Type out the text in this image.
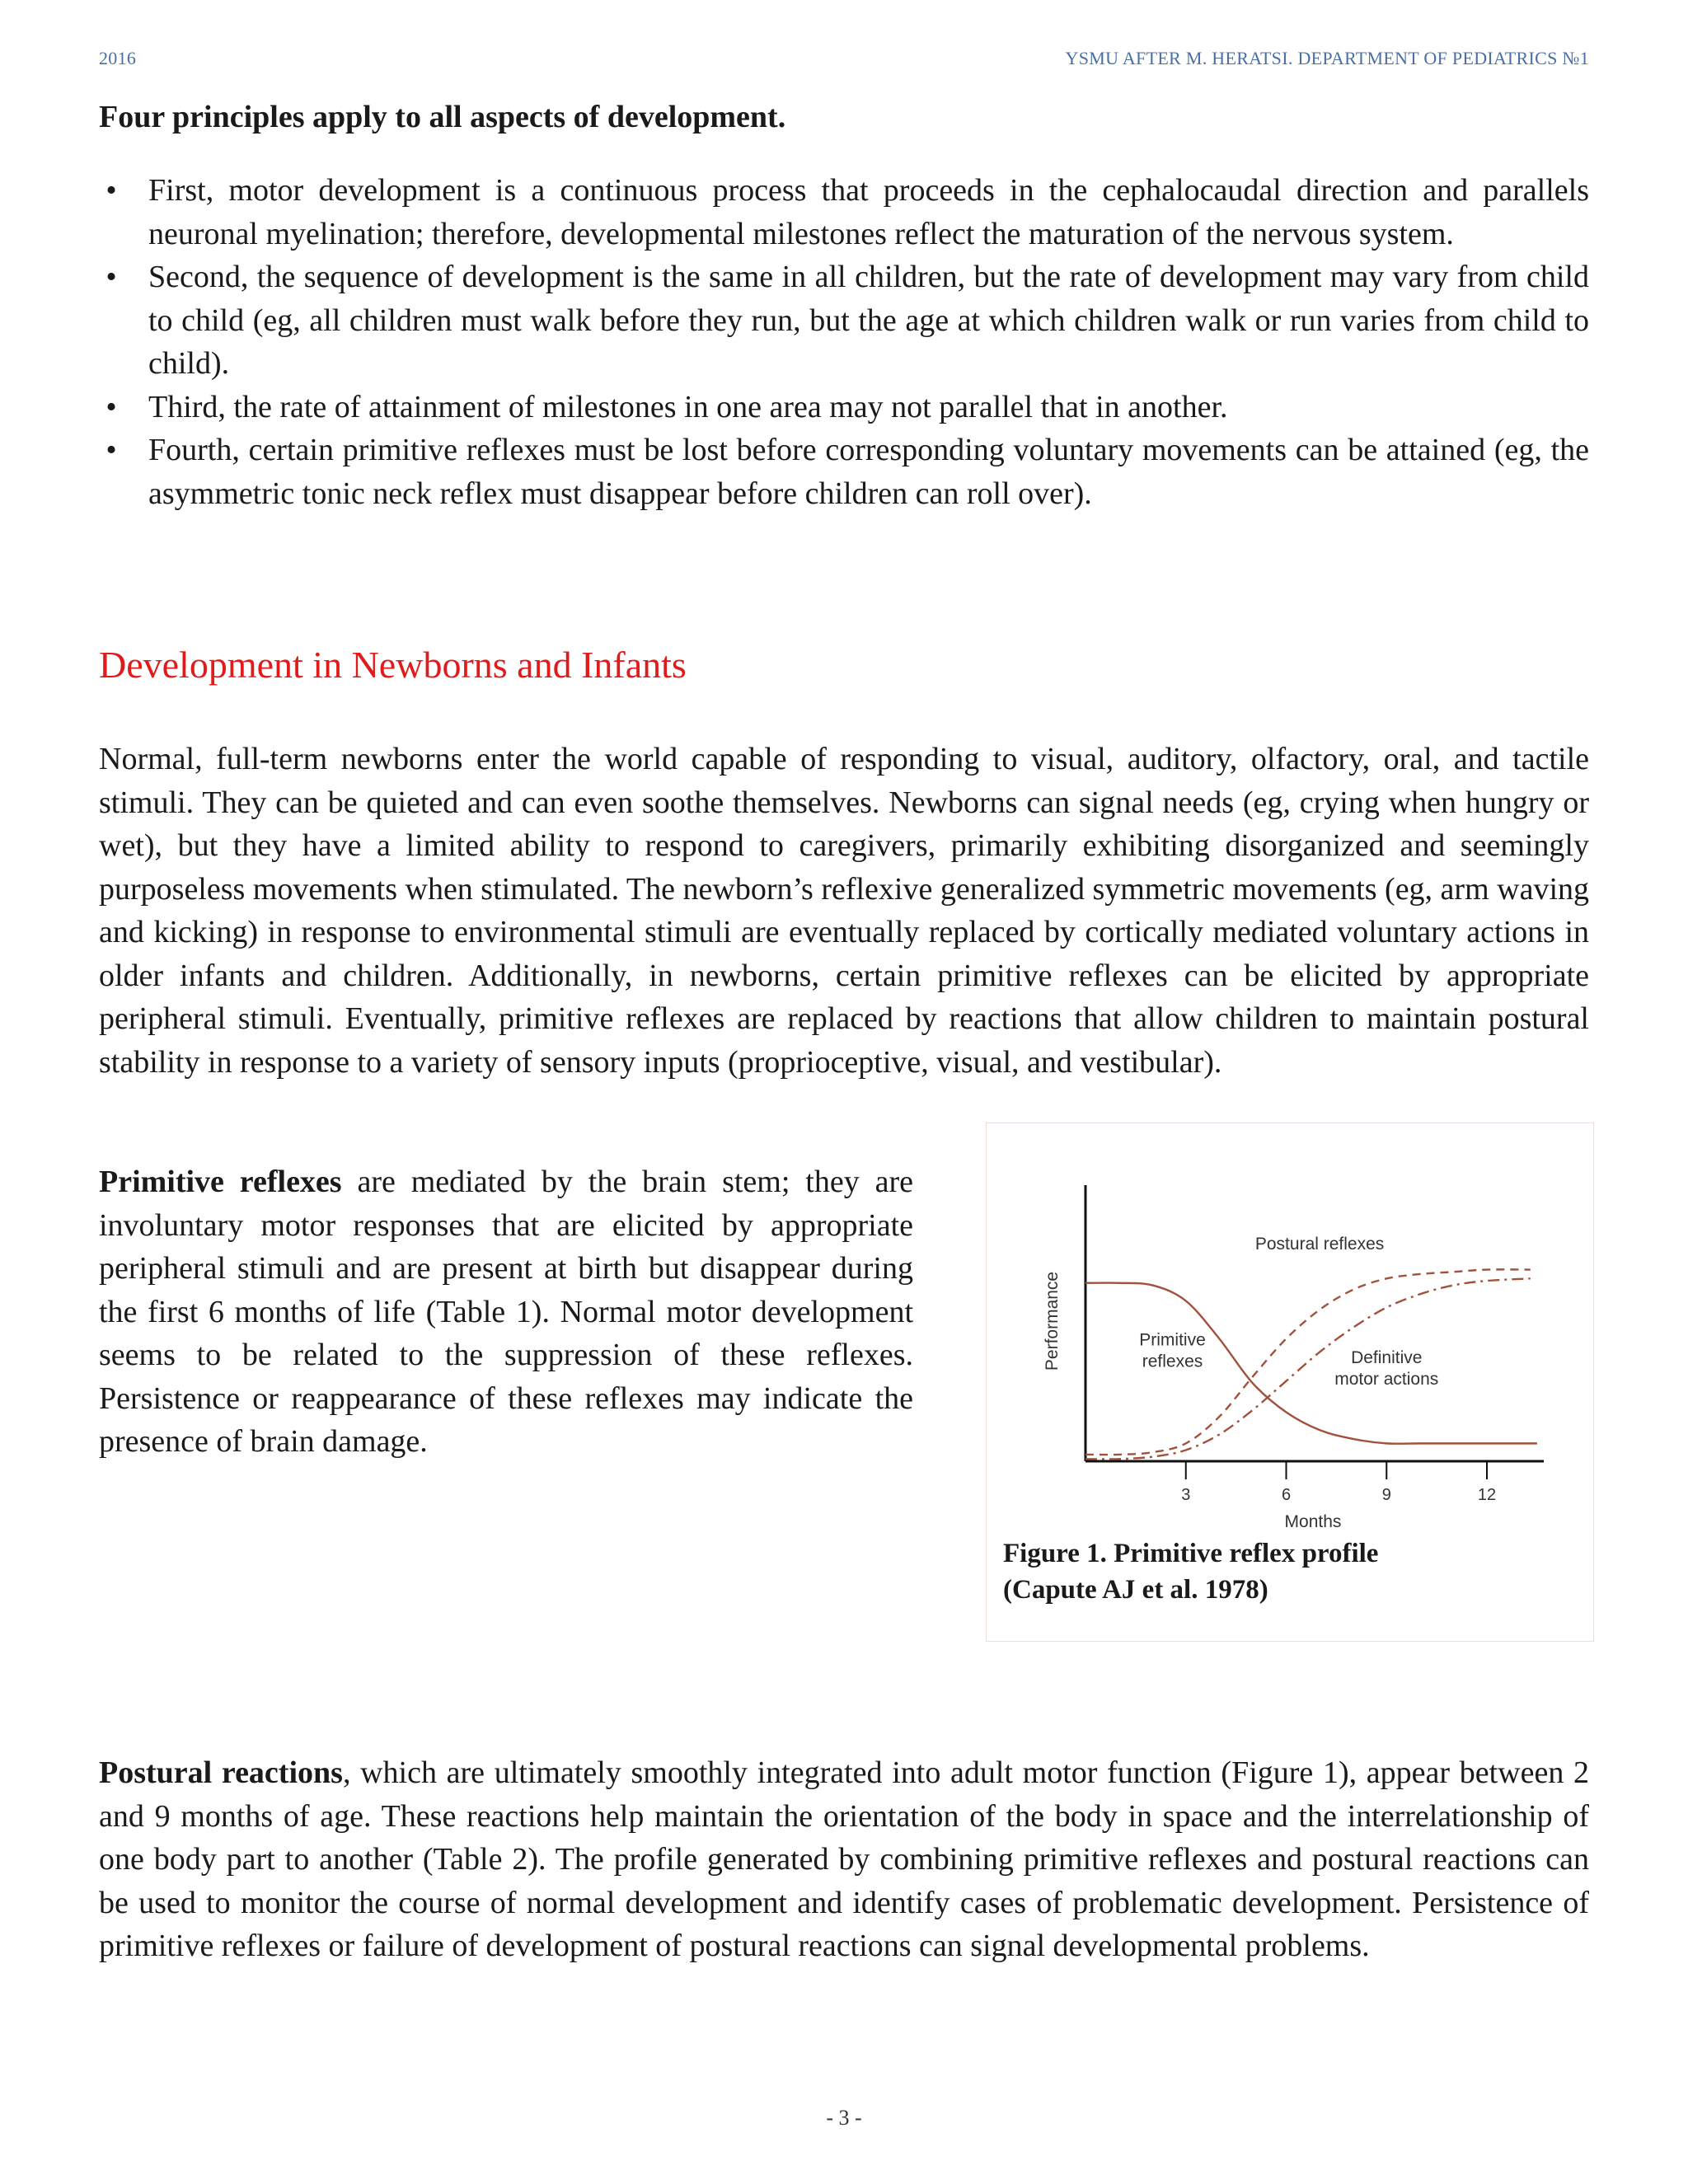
2016	YSMU AFTER M. HERATSI. DEPARTMENT OF PEDIATRICS №1
Four principles apply to all aspects of development.
• First, motor development is a continuous process that proceeds in the cephalocaudal direction and parallels neuronal myelination; therefore, developmental milestones reflect the maturation of the nervous system.
• Second, the sequence of development is the same in all children, but the rate of development may vary from child to child (eg, all children must walk before they run, but the age at which children walk or run varies from child to child).
• Third, the rate of attainment of milestones in one area may not parallel that in another.
• Fourth, certain primitive reflexes must be lost before corresponding voluntary movements can be attained (eg, the asymmetric tonic neck reflex must disappear before children can roll over).
Development in Newborns and Infants

Normal, full-term newborns enter the world capable of responding to visual, auditory, olfactory, oral, and tactile stimuli. They can be quieted and can even soothe themselves. Newborns can signal needs (eg, crying when hungry or wet), but they have a limited ability to respond to caregivers, primarily exhibiting disorganized and seemingly purposeless movements when stimulated. The newborn’s reflexive generalized symmetric movements (eg, arm waving and kicking) in response to environmental stimuli are eventually replaced by cortically mediated voluntary actions in older infants and children. Additionally, in newborns, certain primitive reflexes can be elicited by appropriate peripheral stimuli. Eventually, primitive reflexes are replaced by reactions that allow children to maintain postural stability in response to a variety of sensory inputs (proprioceptive, visual, and vestibular).

Primitive reflexes are mediated by the brain stem; they are involuntary motor responses that are elicited by appropriate peripheral stimuli and are present at birth but disappear during the first 6 months of life (Table 1). Normal motor development seems to be related to the suppression of these reflexes. Persistence or reappearance of these reflexes may indicate the presence of brain damage.

3	6	9	12
Months
Performance	Primitive
reflexes
Postural reflexes
Definitive
motor actions

Figure 1. Primitive reflex profile
(Capute AJ et al. 1978)

Postural reactions, which are ultimately smoothly integrated into adult motor function (Figure 1), appear between 2 and 9 months of age. These reactions help maintain the orientation of the body in space and the interrelationship of one body part to another (Table 2). The profile generated by combining primitive reflexes and postural reactions can be used to monitor the course of normal development and identify cases of problematic development. Persistence of primitive reflexes or failure of development of postural reactions can signal developmental problems.

- 3 -
